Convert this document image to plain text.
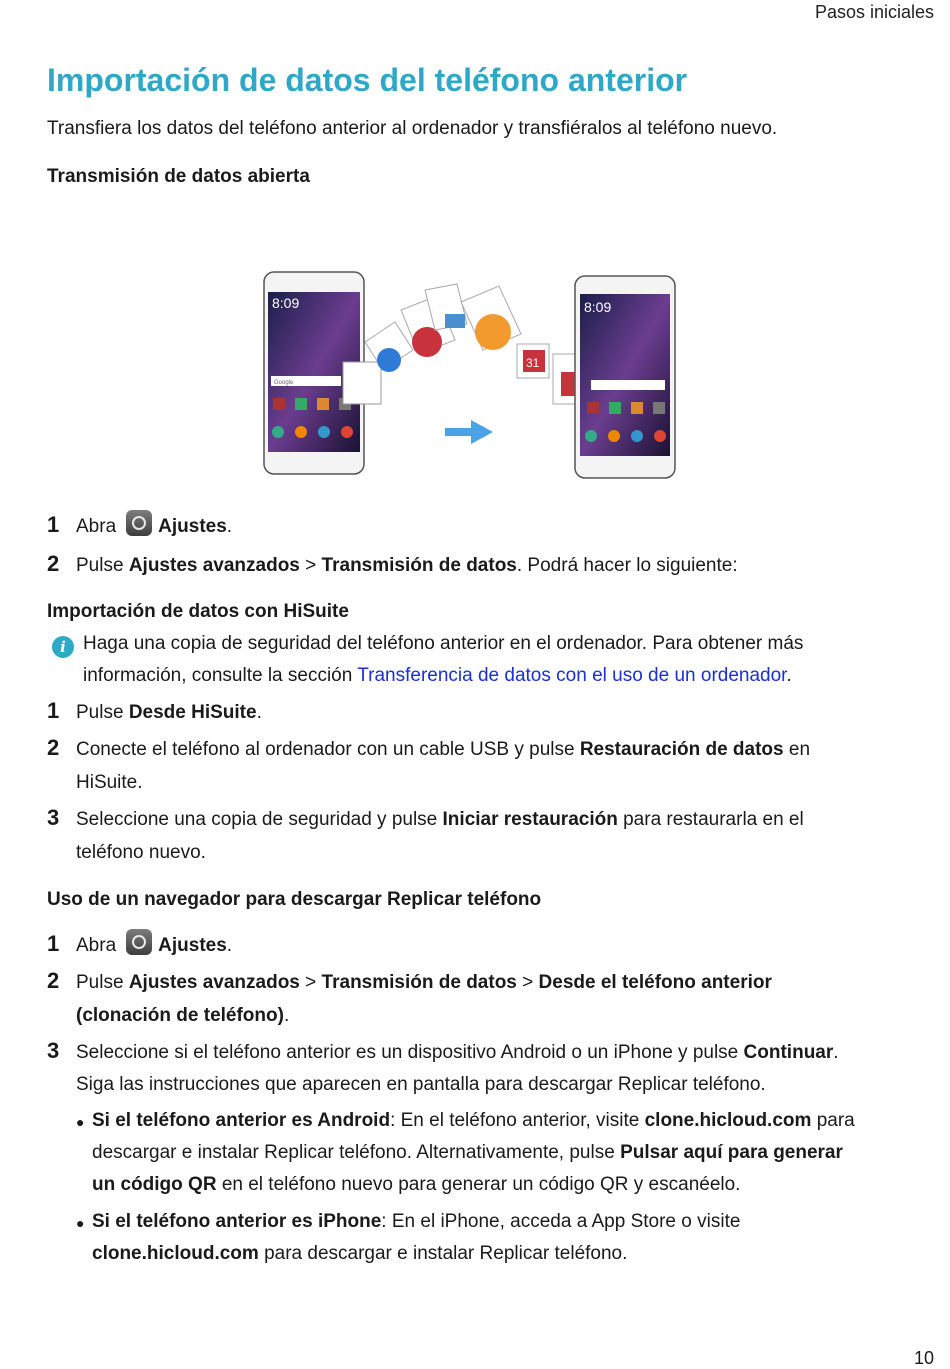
Pasos iniciales
Importación de datos del teléfono anterior
Transfiera los datos del teléfono anterior al ordenador y transfiéralos al teléfono nuevo.
Transmisión de datos abierta
8:09
Google
31
8:09
1 Abra Ajustes.
2 Pulse Ajustes avanzados > Transmisión de datos. Podrá hacer lo siguiente:
Importación de datos con HiSuite
i Haga una copia de seguridad del teléfono anterior en el ordenador. Para obtener más
información, consulte la sección Transferencia de datos con el uso de un ordenador.
1 Pulse Desde HiSuite.
2 Conecte el teléfono al ordenador con un cable USB y pulse Restauración de datos en
HiSuite.
3 Seleccione una copia de seguridad y pulse Iniciar restauración para restaurarla en el
teléfono nuevo.
Uso de un navegador para descargar Replicar teléfono
1 Abra Ajustes.
2 Pulse Ajustes avanzados > Transmisión de datos > Desde el teléfono anterior
(clonación de teléfono).
3 Seleccione si el teléfono anterior es un dispositivo Android o un iPhone y pulse Continuar.
Siga las instrucciones que aparecen en pantalla para descargar Replicar teléfono.
● Si el teléfono anterior es Android: En el teléfono anterior, visite clone.hicloud.com para
descargar e instalar Replicar teléfono. Alternativamente, pulse Pulsar aquí para generar
un código QR en el teléfono nuevo para generar un código QR y escanéelo.
● Si el teléfono anterior es iPhone: En el iPhone, acceda a App Store o visite
clone.hicloud.com para descargar e instalar Replicar teléfono.
10
